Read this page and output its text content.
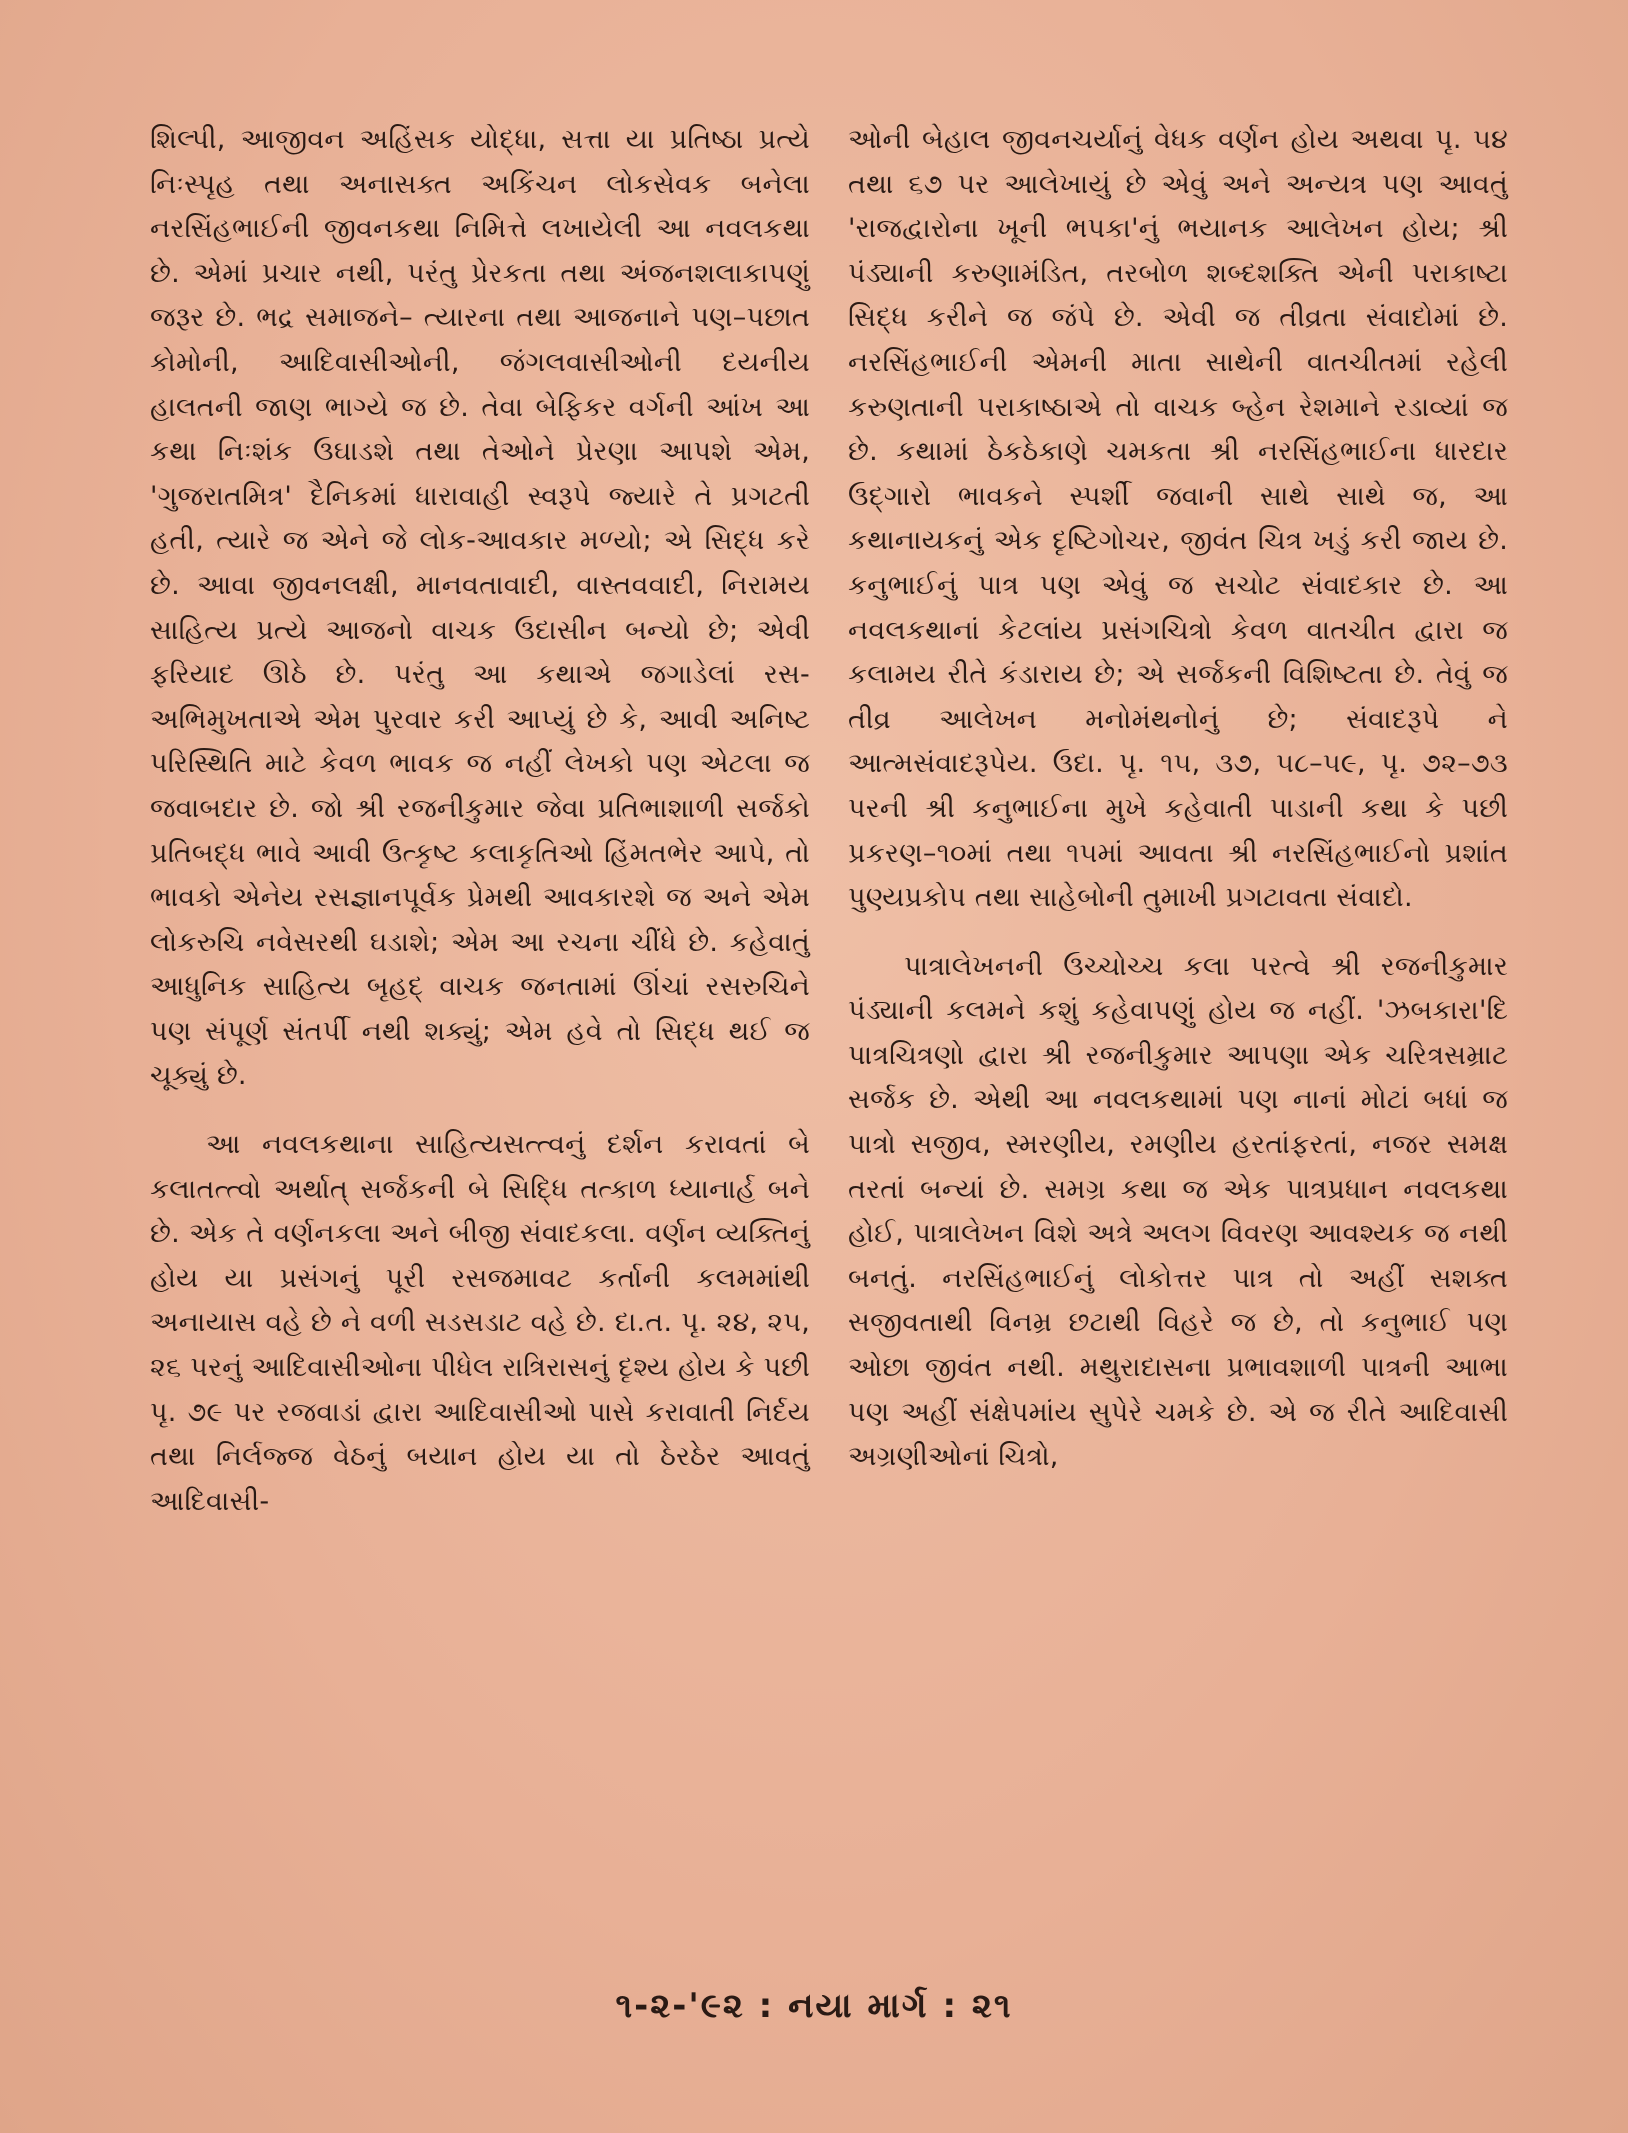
શિલ્પી, આજીવન અહિંસક યોદ્ધા, સત્તા યા પ્રતિષ્ઠા પ્રત્યે નિઃસ્પૃહ તથા અનાસક્ત અકિંચન લોકસેવક બનેલા નરસિંહભાઈની જીવનકથા નિમિત્તે લખાયેલી આ નવલકથા છે. એમાં પ્રચાર નથી, પરંતુ પ્રેરકતા તથા અંજનશલાકાપણું જરૂર છે. ભદ્ર સમાજને– ત્યારના તથા આજનાને પણ–પછાત કોમોની, આદિવાસીઓની, જંગલવાસીઓની દયનીય હાલતની જાણ ભાગ્યે જ છે. તેવા બેફિકર વર્ગની આંખ આ કથા નિઃશંક ઉઘાડશે તથા તેઓને પ્રેરણા આપશે એમ, 'ગુજરાતમિત્ર' દૈનિકમાં ધારાવાહી સ્વરૂપે જ્યારે તે પ્રગટતી હતી, ત્યારે જ એને જે લોક-આવકાર મળ્યો; એ સિદ્ધ કરે છે. આવા જીવનલક્ષી, માનવતાવાદી, વાસ્તવવાદી, નિરામય સાહિત્ય પ્રત્યે આજનો વાચક ઉદાસીન બન્યો છે; એવી ફરિયાદ ઊઠે છે. પરંતુ આ કથાએ જગાડેલાં રસ-અભિમુખતાએ એમ પુરવાર કરી આપ્યું છે કે, આવી અનિષ્ટ પરિસ્થિતિ માટે કેવળ ભાવક જ નહીં લેખકો પણ એટલા જ જવાબદાર છે. જો શ્રી રજનીકુમાર જેવા પ્રતિભાશાળી સર્જકો પ્રતિબદ્ધ ભાવે આવી ઉત્કૃષ્ટ કલાકૃતિઓ હિંમતભેર આપે, તો ભાવકો એનેય રસજ્ઞાનપૂર્વક પ્રેમથી આવકારશે જ અને એમ લોકરુચિ નવેસરથી ઘડાશે; એમ આ રચના ચીંધે છે. કહેવાતું આધુનિક સાહિત્ય બૃહદ્ વાચક જનતામાં ઊંચાં રસરુચિને પણ સંપૂર્ણ સંતર્પી નથી શક્યું; એમ હવે તો સિદ્ધ થઈ જ ચૂક્યું છે.

આ નવલકથાના સાહિત્યસત્ત્વનું દર્શન કરાવતાં બે કલાતત્ત્વો અર્થાત્ સર્જકની બે સિદ્ધિ તત્કાળ ધ્યાનાર્હ બને છે. એક તે વર્ણનકલા અને બીજી સંવાદકલા. વર્ણન વ્યક્તિનું હોય યા પ્રસંગનું પૂરી રસજમાવટ કર્તાની કલમમાંથી અનાયાસ વહે છે ને વળી સડસડાટ વહે છે. દા.ત. પૃ. ૨૪, ૨૫, ૨૬ પરનું આદિવાસીઓના પીધેલ રાત્રિરાસનું દૃશ્ય હોય કે પછી પૃ. ૭૯ પર રજવાડાં દ્વારા આદિવાસીઓ પાસે કરાવાતી નિર્દય તથા નિર્લજ્જ વેઠનું બયાન હોય યા તો ઠેરઠેર આવતું આદિવાસી-

ઓની બેહાલ જીવનચર્યાનું વેધક વર્ણન હોય અથવા પૃ. ૫૪ તથા ૬૭ પર આલેખાયું છે એવું અને અન્યત્ર પણ આવતું 'રાજદ્વારોના ખૂની ભપકા'નું ભયાનક આલેખન હોય; શ્રી પંડ્યાની કરુણામંડિત, તરબોળ શબ્દશક્તિ એની પરાકાષ્ટા સિદ્ધ કરીને જ જંપે છે. એવી જ તીવ્રતા સંવાદોમાં છે. નરસિંહભાઈની એમની માતા સાથેની વાતચીતમાં રહેલી કરુણતાની પરાકાષ્ઠાએ તો વાચક બ્હેન રેશમાને રડાવ્યાં જ છે. કથામાં ઠેકઠેકાણે ચમકતા શ્રી નરસિંહભાઈના ધારદાર ઉદ્ગારો ભાવકને સ્પર્શી જવાની સાથે સાથે જ, આ કથાનાયકનું એક દૃષ્ટિગોચર, જીવંત ચિત્ર ખડું કરી જાય છે. કનુભાઈનું પાત્ર પણ એવું જ સચોટ સંવાદકાર છે. આ નવલકથાનાં કેટલાંય પ્રસંગચિત્રો કેવળ વાતચીત દ્વારા જ કલામય રીતે કંડારાય છે; એ સર્જકની વિશિષ્ટતા છે. તેવું જ તીવ્ર આલેખન મનોમંથનોનું છે; સંવાદરૂપે ને આત્મસંવાદરૂપેય. ઉદા. પૃ. ૧૫, ૩૭, ૫૮–૫૯, પૃ. ૭૨–૭૩ પરની શ્રી કનુભાઈના મુખે કહેવાતી પાડાની કથા કે પછી પ્રકરણ–૧૦માં તથા ૧૫માં આવતા શ્રી નરસિંહભાઈનો પ્રશાંત પુણ્યપ્રકોપ તથા સાહેબોની તુમાખી પ્રગટાવતા સંવાદો.

પાત્રાલેખનની ઉચ્ચોચ્ચ કલા પરત્વે શ્રી રજનીકુમાર પંડ્યાની કલમને કશું કહેવાપણું હોય જ નહીં. 'ઝબકારા'દિ પાત્રચિત્રણો દ્વારા શ્રી રજનીકુમાર આપણા એક ચરિત્રસમ્રાટ સર્જક છે. એથી આ નવલકથામાં પણ નાનાં મોટાં બધાં જ પાત્રો સજીવ, સ્મરણીય, રમણીય હરતાંફરતાં, નજર સમક્ષ તરતાં બન્યાં છે. સમગ્ર કથા જ એક પાત્રપ્રધાન નવલકથા હોઈ, પાત્રાલેખન વિશે અત્રે અલગ વિવરણ આવશ્યક જ નથી બનતું. નરસિંહભાઈનું લોકોત્તર પાત્ર તો અહીં સશક્ત સજીવતાથી વિનમ્ર છટાથી વિહરે જ છે, તો કનુભાઈ પણ ઓછા જીવંત નથી. મથુરાદાસના પ્રભાવશાળી પાત્રની આભા પણ અહીં સંક્ષેપમાંય સુપેરે ચમકે છે. એ જ રીતે આદિવાસી અગ્રણીઓનાં ચિત્રો,

૧-૨-'૯૨ : નયા માર્ગ : ૨૧
